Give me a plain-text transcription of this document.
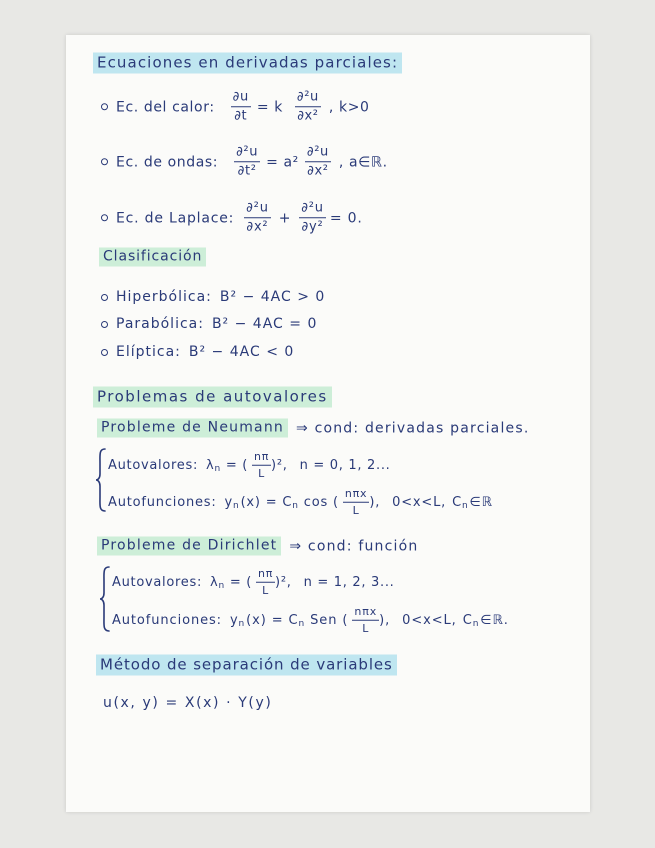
Ecuaciones en derivadas parciales:
Ec. del calor: $\frac{\partial u}{\partial t} = k \frac{\text{∂²u}}{\text{∂x²}}$ , k>0
Ec. de ondas: $\frac{\text{∂²u}}{\text{∂t²}} = a^2 \frac{\text{∂²u}}{\text{∂x²}}$ , a∈ℝ.
Ec. de Laplace: $\frac{\text{∂²u}}{\text{∂x²}} + \frac{\text{∂²u}}{\text{∂y²}} = 0$.
Clasificación
Hiperbólica: B² − 4AC > 0
Parabólica: B² − 4AC = 0
Elíptica: B² − 4AC < 0
Problemas de autovalores
Probleme de Neumann ⇒ cond: derivadas parciales.
Autovalores: $\lambda_n$ = ( $\frac{n\pi}{L} )^2$, n = 0, 1, 2...
Autofunciones: $y_n$ $(x) = C_n$ cos ( $\frac{\text{nπx}}{L}$ ), 0<x<L, $C_n$ ∈ℝ
Probleme de Dirichlet ⇒ cond: función
Autovalores: $\lambda_n$ = ( $\frac{n\pi}{L} )^2$, n = 1, 2, 3...
Autofunciones: $y_n$ $(x) = C_n$ Sen ( $\frac{\text{nπx}}{L}$ ), 0<x<L, $C_n$ ∈ℝ.
Método de separación de variables
u(x, y) = X(x) · Y(y)
